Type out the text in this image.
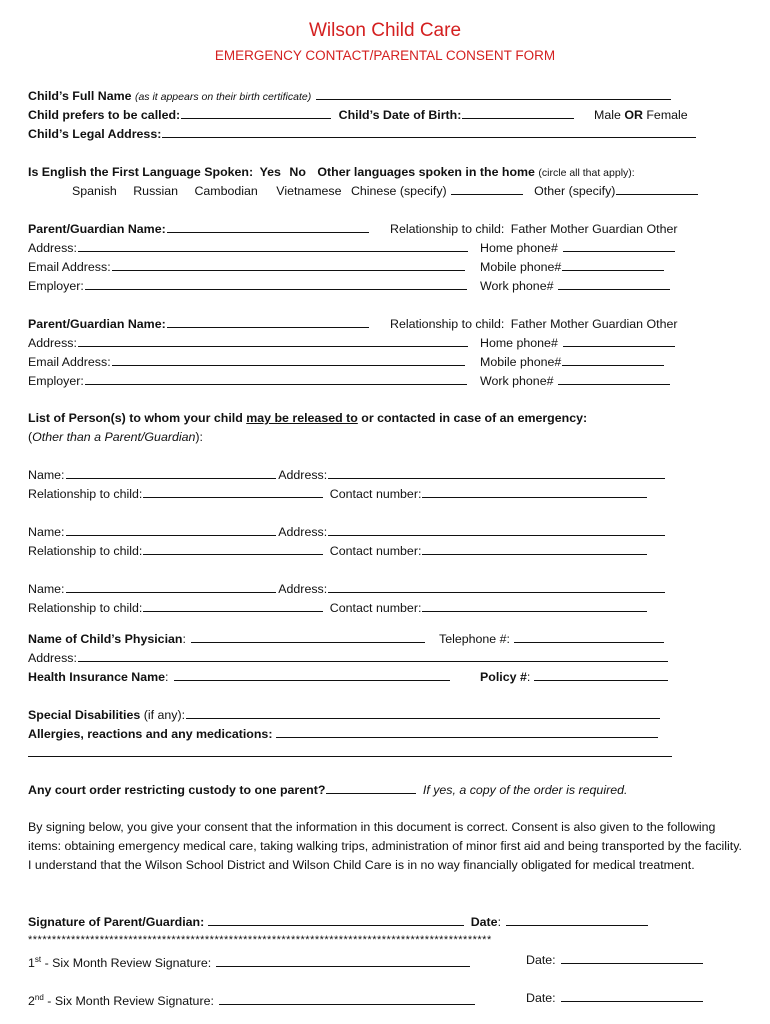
Wilson Child Care
EMERGENCY CONTACT/PARENTAL CONSENT FORM
Child’s Full Name (as it appears on their birth certificate)
Child prefers to be called:	Child’s Date of Birth:	Male OR Female
Child’s Legal Address:
Is English the First Language Spoken: Yes No Other languages spoken in the home (circle all that apply):
Spanish Russian Cambodian Vietnamese Chinese (specify)	Other (specify)
Parent/Guardian Name:	Relationship to child: Father Mother Guardian Other
Address:	Home phone#
Email Address:	Mobile phone#
Employer:	Work phone#
Parent/Guardian Name:	Relationship to child: Father Mother Guardian Other
Address:	Home phone#
Email Address:	Mobile phone#
Employer:	Work phone#
List of Person(s) to whom your child may be released to or contacted in case of an emergency:
(Other than a Parent/Guardian):
Name:	Address:
Relationship to child:	Contact number:
Name:	Address:
Relationship to child:	Contact number:
Name:	Address:
Relationship to child:	Contact number:
Name of Child’s Physician:	Telephone #:
Address:
Health Insurance Name:	Policy #:
Special Disabilities (if any):
Allergies, reactions and any medications:
Any court order restricting custody to one parent?	If yes, a copy of the order is required.
By signing below, you give your consent that the information in this document is correct. Consent is also given to the following items: obtaining emergency medical care, taking walking trips, administration of minor first aid and being transported by the facility. I understand that the Wilson School District and Wilson Child Care is in no way financially obligated for medical treatment.
Signature of Parent/Guardian:	Date:
*************************************************************************************************
1st - Six Month Review Signature:	Date:
2nd - Six Month Review Signature:	Date:
